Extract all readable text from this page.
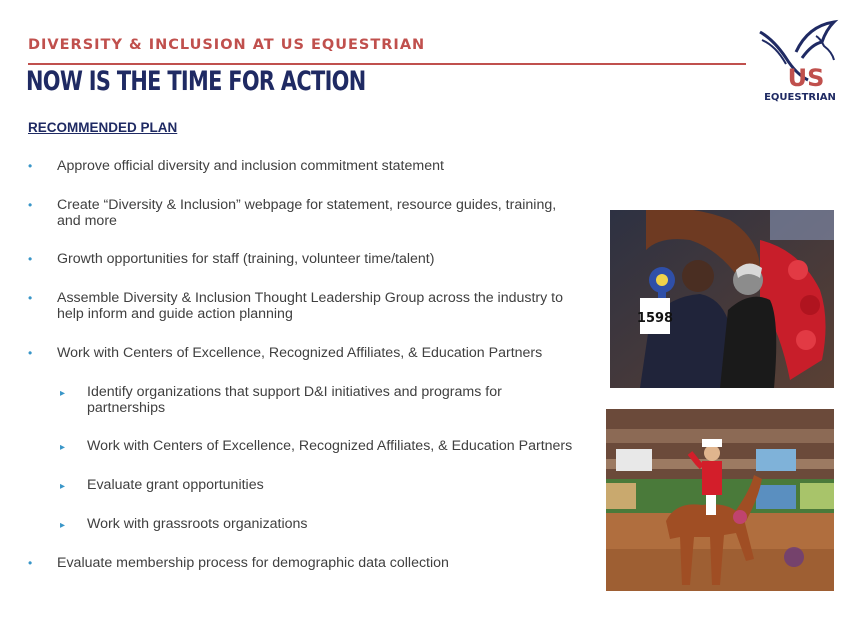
DIVERSITY & INCLUSION AT US EQUESTRIAN
NOW IS THE TIME FOR ACTION
RECOMMENDED PLAN
US
EQUESTRIAN
• Approve official diversity and inclusion commitment statement
• Create “Diversity & Inclusion” webpage for statement, resource guides, training,
and more
• Growth opportunities for staff (training, volunteer time/talent)
• Assemble Diversity & Inclusion Thought Leadership Group across the industry to
help inform and guide action planning
• Work with Centers of Excellence, Recognized Affiliates, & Education Partners
▸ Identify organizations that support D&I initiatives and programs for
partnerships
▸ Work with Centers of Excellence, Recognized Affiliates, & Education Partners
▸ Evaluate grant opportunities
▸ Work with grassroots organizations
• Evaluate membership process for demographic data collection
1598
